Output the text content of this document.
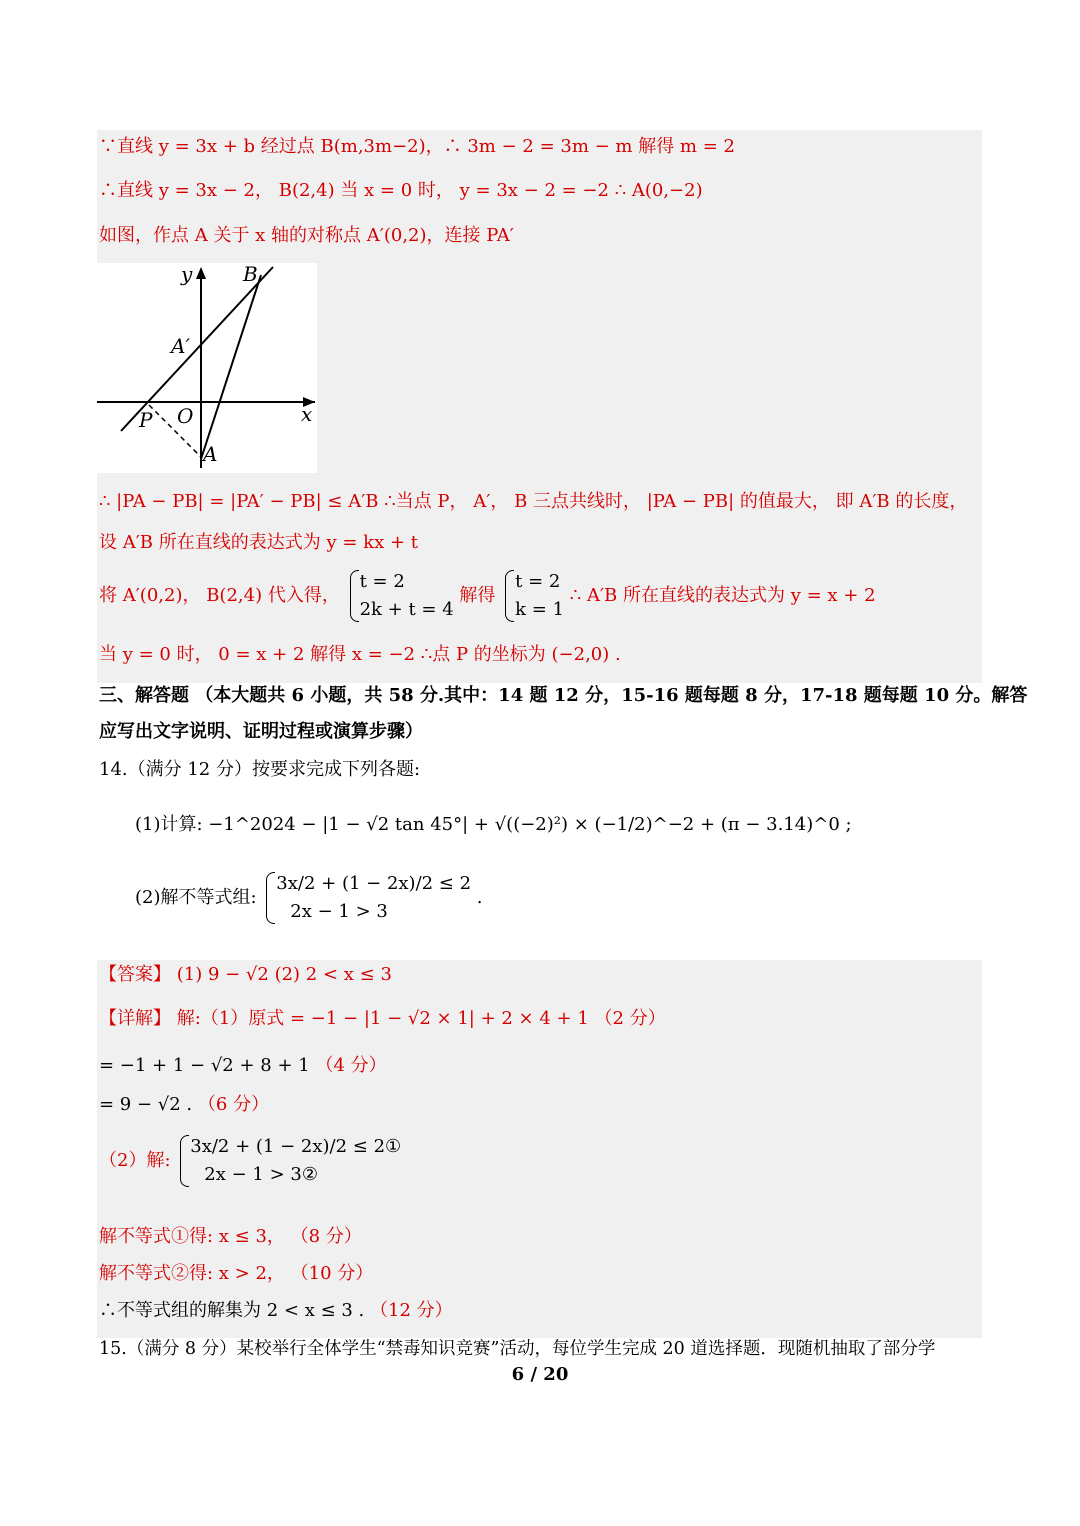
∵直线 y = 3x + b 经过点 B(m,3m−2)，∴ 3m − 2 = 3m − m 解得 m = 2
∴直线 y = 3x − 2， B(2,4) 当 x = 0 时， y = 3x − 2 = −2 ∴ A(0,−2)
如图，作点 A 关于 x 轴的对称点 A′(0,2)，连接 PA′
y	B
A′
P O	x
A
∴ |PA − PB| = |PA′ − PB| ≤ A′B ∴当点 P， A′， B 三点共线时， |PA − PB| 的值最大， 即 A′B 的长度，
设 A′B 所在直线的表达式为 y = kx + t
将 A′(0,2)， B(2,4) 代入得，
t = 2
2k + t = 4
解得
t = 2
k = 1
∴ A′B 所在直线的表达式为 y = x + 2
当 y = 0 时， 0 = x + 2 解得 x = −2 ∴点 P 的坐标为 (−2,0) .
三、解答题 （本大题共 6 小题，共 58 分.其中：14 题 12 分，15-16 题每题 8 分，17-18 题每题 10 分。解答
应写出文字说明、证明过程或演算步骤）
14.（满分 12 分）按要求完成下列各题:
(1)计算: −1^2024 − |1 − √2 tan 45°| + √((−2)²) × (−1/2)^−2 + (π − 3.14)^0 ;
(2)解不等式组:
3x/2 + (1 − 2x)/2 ≤ 2
2x − 1 > 3
.
【答案】 (1) 9 − √2 (2) 2 < x ≤ 3
【详解】 解:（1）原式 = −1 − |1 − √2 × 1| + 2 × 4 + 1 （2 分）
= −1 + 1 − √2 + 8 + 1 （4 分）
= 9 − √2 . （6 分）
（2）解:
3x/2 + (1 − 2x)/2 ≤ 2①
2x − 1 > 3②
解不等式①得: x ≤ 3， （8 分）
解不等式②得: x > 2， （10 分）
∴不等式组的解集为 2 < x ≤ 3 . （12 分）
15.（满分 8 分）某校举行全体学生“禁毒知识竞赛”活动，每位学生完成 20 道选择题．现随机抽取了部分学
6 / 20
